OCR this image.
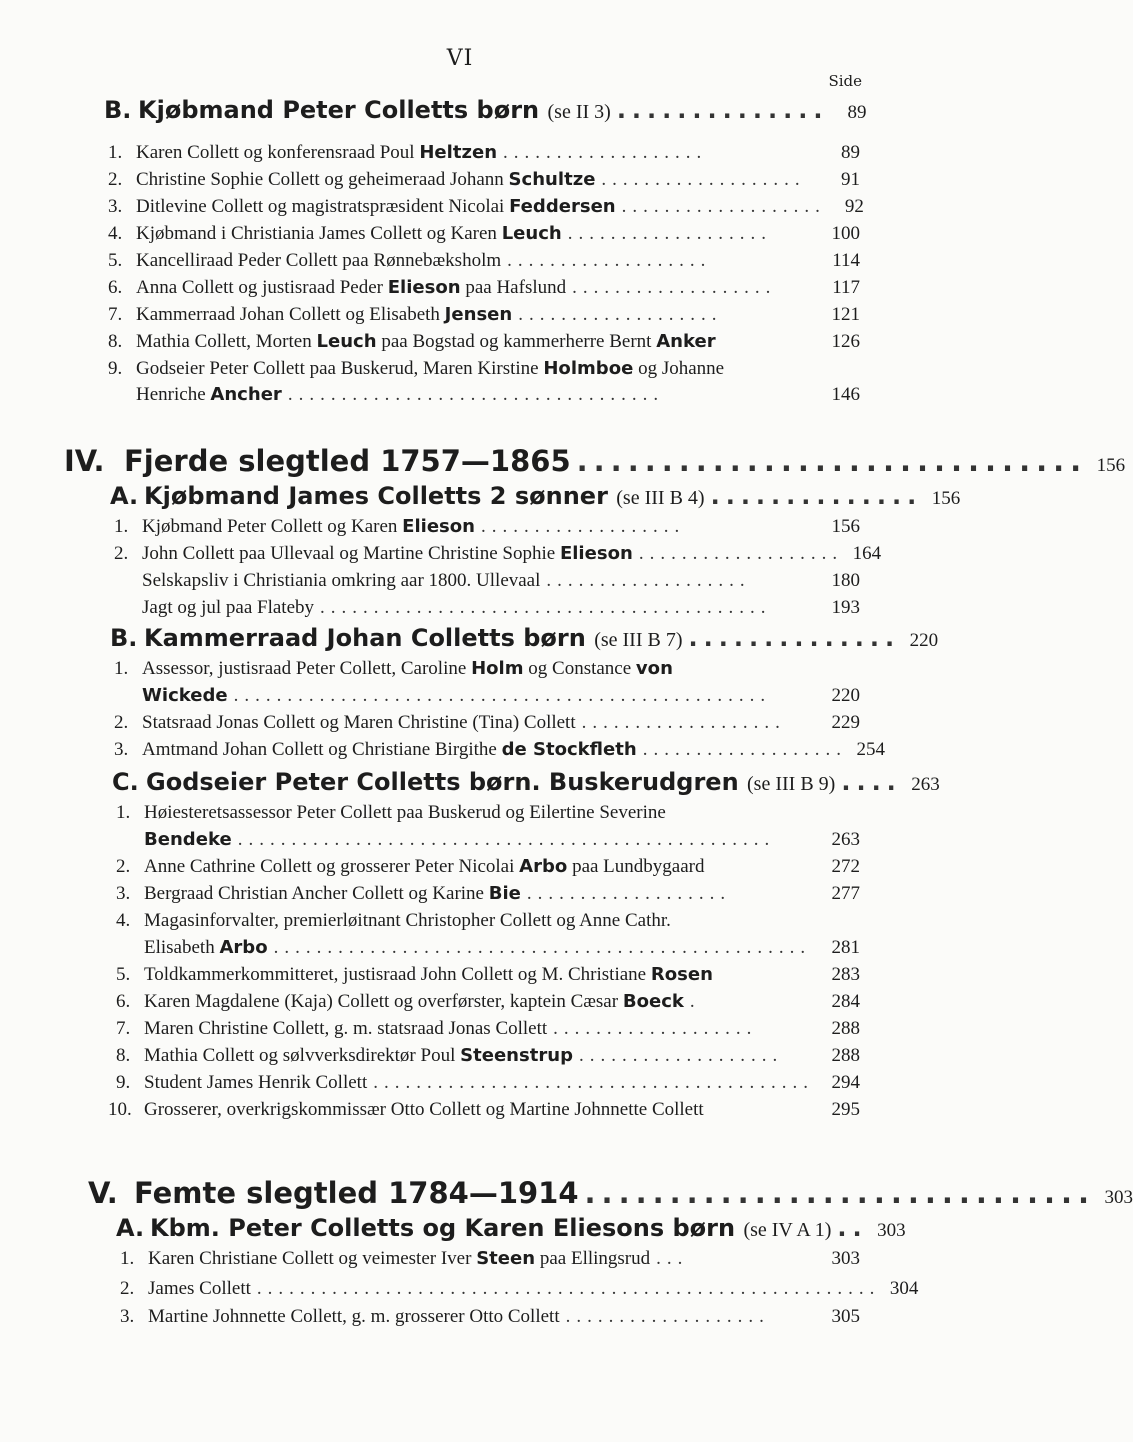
VI
Side
B. Kjøbmand Peter Colletts børn (se II 3) ..............	89
1. Karen Collett og konferensraad Poul Heltzen ...................	89
2. Christine Sophie Collett og geheimeraad Johann Schultze ...................	91
3. Ditlevine Collett og magistratspræsident Nicolai Feddersen ...................	92
4. Kjøbmand i Christiania James Collett og Karen Leuch ...................	100
5. Kancelliraad Peder Collett paa Rønnebæksholm ...................	114
6. Anna Collett og justisraad Peder Elieson paa Hafslund ...................	117
7. Kammerraad Johan Collett og Elisabeth Jensen ...................	121
8. Mathia Collett, Morten Leuch paa Bogstad og kammerherre Bernt Anker	126
9. Godseier Peter Collett paa Buskerud, Maren Kirstine Holmboe og Johanne
Henriche Ancher ...................................	146
IV. Fjerde slegtled 1757—1865 .............................. 156
A. Kjøbmand James Colletts 2 sønner (se III B 4) .............. 156
1. Kjøbmand Peter Collett og Karen Elieson ...................	156
2. John Collett paa Ullevaal og Martine Christine Sophie Elieson ................... 164
Selskapsliv i Christiania omkring aar 1800. Ullevaal ...................	180
Jagt og jul paa Flateby ..........................................	193
B. Kammerraad Johan Colletts børn (se III B 7) .............. 220
1. Assessor, justisraad Peter Collett, Caroline Holm og Constance von
Wickede ..................................................	220
2. Statsraad Jonas Collett og Maren Christine (Tina) Collett ...................	229
3. Amtmand Johan Collett og Christiane Birgithe de Stockfleth ................... 254
C. Godseier Peter Colletts børn. Buskerudgren (se III B 9) .... 263
1. Høiesteretsassessor Peter Collett paa Buskerud og Eilertine Severine
Bendeke ..................................................	263
2. Anne Cathrine Collett og grosserer Peter Nicolai Arbo paa Lundbygaard	272
3. Bergraad Christian Ancher Collett og Karine Bie ...................	277
4. Magasinforvalter, premierløitnant Christopher Collett og Anne Cathr.
Elisabeth Arbo ..................................................	281
5. Toldkammerkommitteret, justisraad John Collett og M. Christiane Rosen	283
6. Karen Magdalene (Kaja) Collett og overførster, kaptein Cæsar Boeck .	284
7. Maren Christine Collett, g. m. statsraad Jonas Collett ...................	288
8. Mathia Collett og sølvverksdirektør Poul Steenstrup ...................	288
9. Student James Henrik Collett ......................................... 294
10. Grosserer, overkrigskommissær Otto Collett og Martine Johnnette Collett	295
V. Femte slegtled 1784—1914 .............................. 303
A. Kbm. Peter Colletts og Karen Eliesons børn (se IV A 1) .. 303
1. Karen Christiane Collett og veimester Iver Steen paa Ellingsrud ...	303
2. James Collett .......................................................... 304
3. Martine Johnnette Collett, g. m. grosserer Otto Collett ...................	305
